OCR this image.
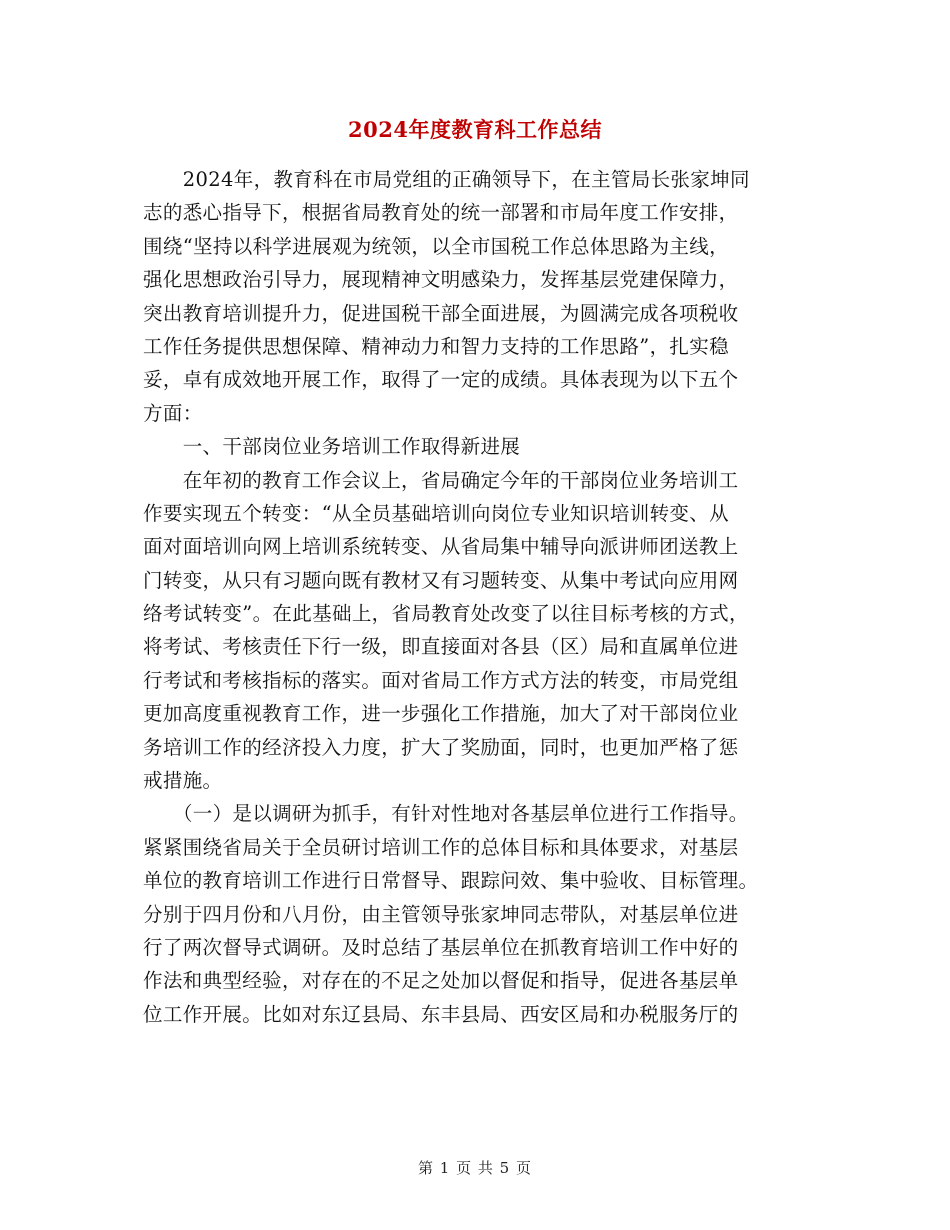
2024年度教育科工作总结
　　2024年，教育科在市局党组的正确领导下，在主管局长张家坤同
志的悉心指导下，根据省局教育处的统一部署和市局年度工作安排，
围绕“坚持以科学进展观为统领，以全市国税工作总体思路为主线，
强化思想政治引导力，展现精神文明感染力，发挥基层党建保障力，
突出教育培训提升力，促进国税干部全面进展，为圆满完成各项税收
工作任务提供思想保障、精神动力和智力支持的工作思路”，扎实稳
妥，卓有成效地开展工作，取得了一定的成绩。具体表现为以下五个
方面：
　　一、干部岗位业务培训工作取得新进展
　　在年初的教育工作会议上，省局确定今年的干部岗位业务培训工
作要实现五个转变：“从全员基础培训向岗位专业知识培训转变、从
面对面培训向网上培训系统转变、从省局集中辅导向派讲师团送教上
门转变，从只有习题向既有教材又有习题转变、从集中考试向应用网
络考试转变”。在此基础上，省局教育处改变了以往目标考核的方式，
将考试、考核责任下行一级，即直接面对各县（区）局和直属单位进
行考试和考核指标的落实。面对省局工作方式方法的转变，市局党组
更加高度重视教育工作，进一步强化工作措施，加大了对干部岗位业
务培训工作的经济投入力度，扩大了奖励面，同时，也更加严格了惩
戒措施。
　　（一）是以调研为抓手，有针对性地对各基层单位进行工作指导。
紧紧围绕省局关于全员研讨培训工作的总体目标和具体要求，对基层
单位的教育培训工作进行日常督导、跟踪问效、集中验收、目标管理。
分别于四月份和八月份，由主管领导张家坤同志带队，对基层单位进
行了两次督导式调研。及时总结了基层单位在抓教育培训工作中好的
作法和典型经验，对存在的不足之处加以督促和指导，促进各基层单
位工作开展。比如对东辽县局、东丰县局、西安区局和办税服务厅的
第 1 页 共 5 页
